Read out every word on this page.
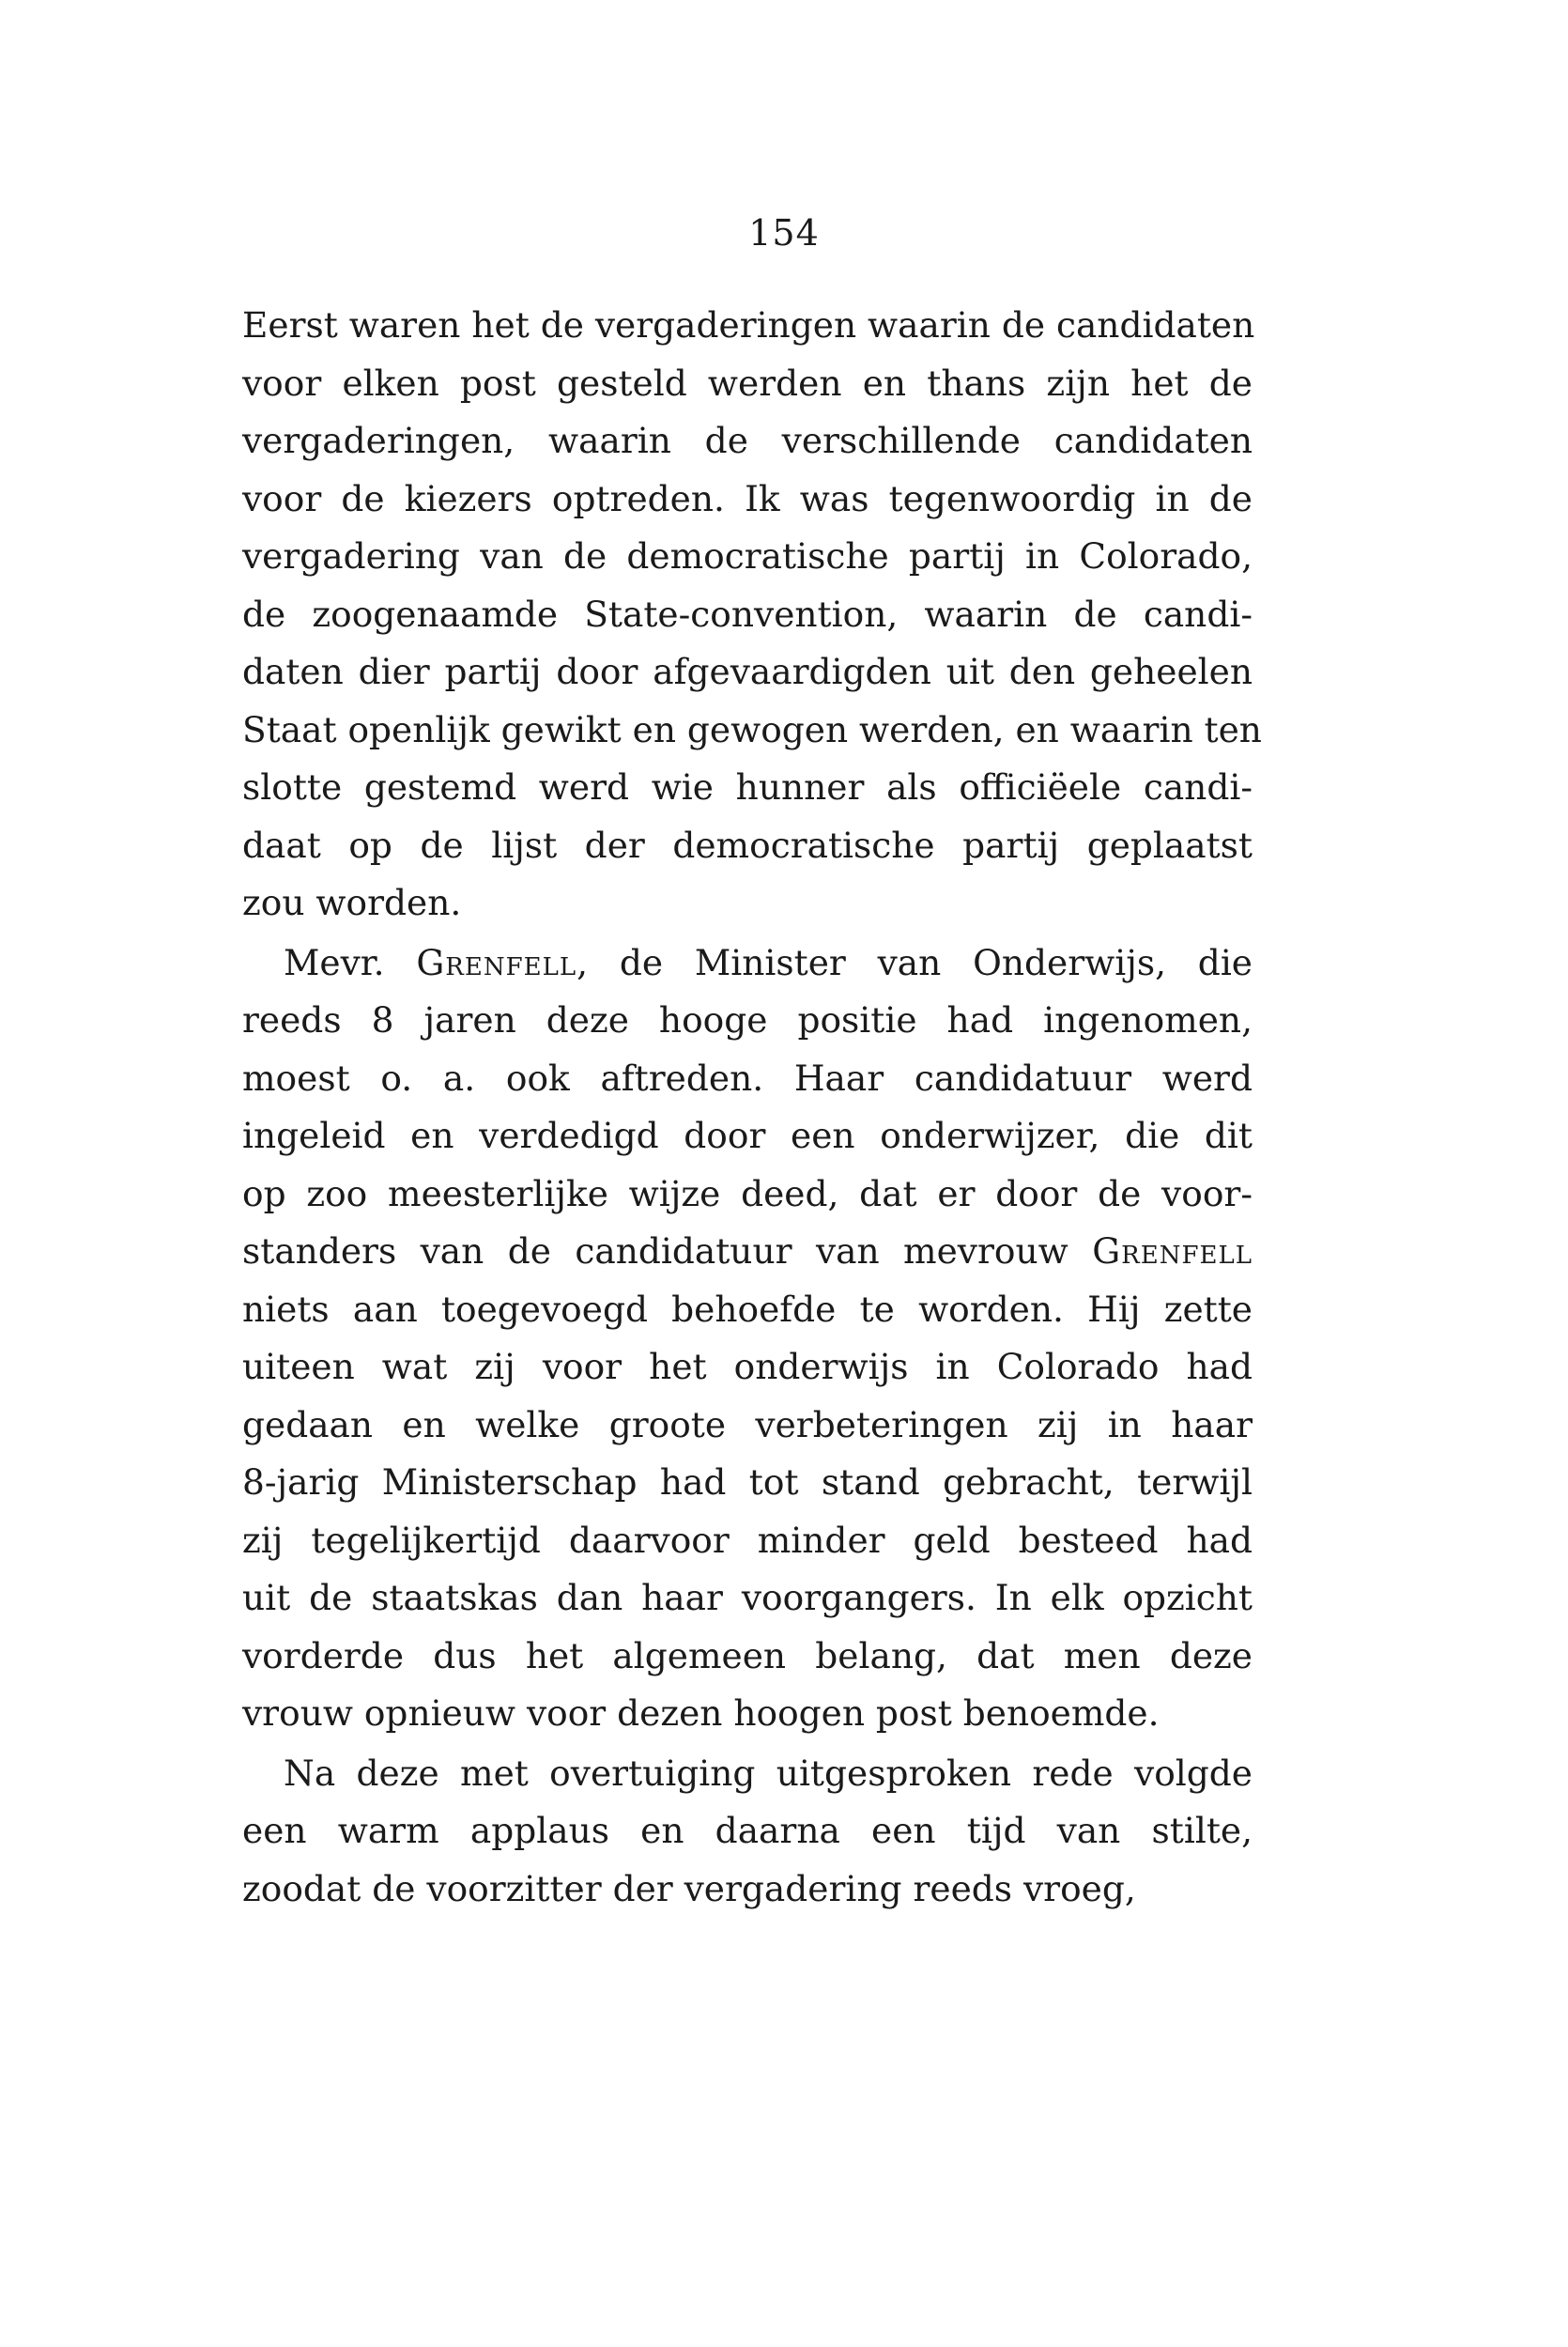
154
Eerst waren het de vergaderingen waarin de candidaten
voor elken post gesteld werden en thans zijn het de
vergaderingen, waarin de verschillende candidaten
voor de kiezers optreden. Ik was tegenwoordig in de
vergadering van de democratische partij in Colorado,
de zoogenaamde State-convention, waarin de candi-
daten dier partij door afgevaardigden uit den geheelen
Staat openlijk gewikt en gewogen werden, en waarin ten
slotte gestemd werd wie hunner als officiëele candi-
daat op de lijst der democratische partij geplaatst
zou worden.
Mevr. Grenfell, de Minister van Onderwijs, die
reeds 8 jaren deze hooge positie had ingenomen,
moest o. a. ook aftreden. Haar candidatuur werd
ingeleid en verdedigd door een onderwijzer, die dit
op zoo meesterlijke wijze deed, dat er door de voor-
standers van de candidatuur van mevrouw Grenfell
niets aan toegevoegd behoefde te worden. Hij zette
uiteen wat zij voor het onderwijs in Colorado had
gedaan en welke groote verbeteringen zij in haar
8-jarig Ministerschap had tot stand gebracht, terwijl
zij tegelijkertijd daarvoor minder geld besteed had
uit de staatskas dan haar voorgangers. In elk opzicht
vorderde dus het algemeen belang, dat men deze
vrouw opnieuw voor dezen hoogen post benoemde.
Na deze met overtuiging uitgesproken rede volgde
een warm applaus en daarna een tijd van stilte,
zoodat de voorzitter der vergadering reeds vroeg,
